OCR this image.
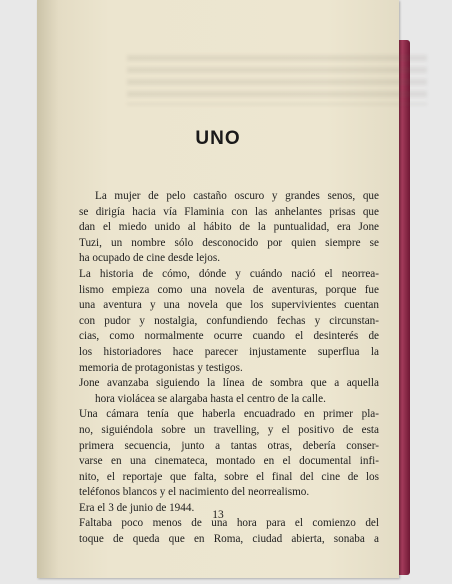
UNO

La mujer de pelo castaño oscuro y grandes senos, que
se dirigía hacia vía Flaminia con las anhelantes prisas que
dan el miedo unido al hábito de la puntualidad, era Jone
Tuzi, un nombre sólo desconocido por quien siempre se
ha ocupado de cine desde lejos.

La historia de cómo, dónde y cuándo nació el neorrea-
lismo empieza como una novela de aventuras, porque fue
una aventura y una novela que los supervivientes cuentan
con pudor y nostalgia, confundiendo fechas y circunstan-
cias, como normalmente ocurre cuando el desinterés de
los historiadores hace parecer injustamente superflua la
memoria de protagonistas y testigos.

Jone avanzaba siguiendo la línea de sombra que a aquella
hora violácea se alargaba hasta el centro de la calle.

Una cámara tenía que haberla encuadrado en primer pla-
no, siguiéndola sobre un travelling, y el positivo de esta
primera secuencia, junto a tantas otras, debería conser-
varse en una cinemateca, montado en el documental infi-
nito, el reportaje que falta, sobre el final del cine de los
teléfonos blancos y el nacimiento del neorrealismo.

Era el 3 de junio de 1944.

Faltaba poco menos de una hora para el comienzo del
toque de queda que en Roma, ciudad abierta, sonaba a

13
